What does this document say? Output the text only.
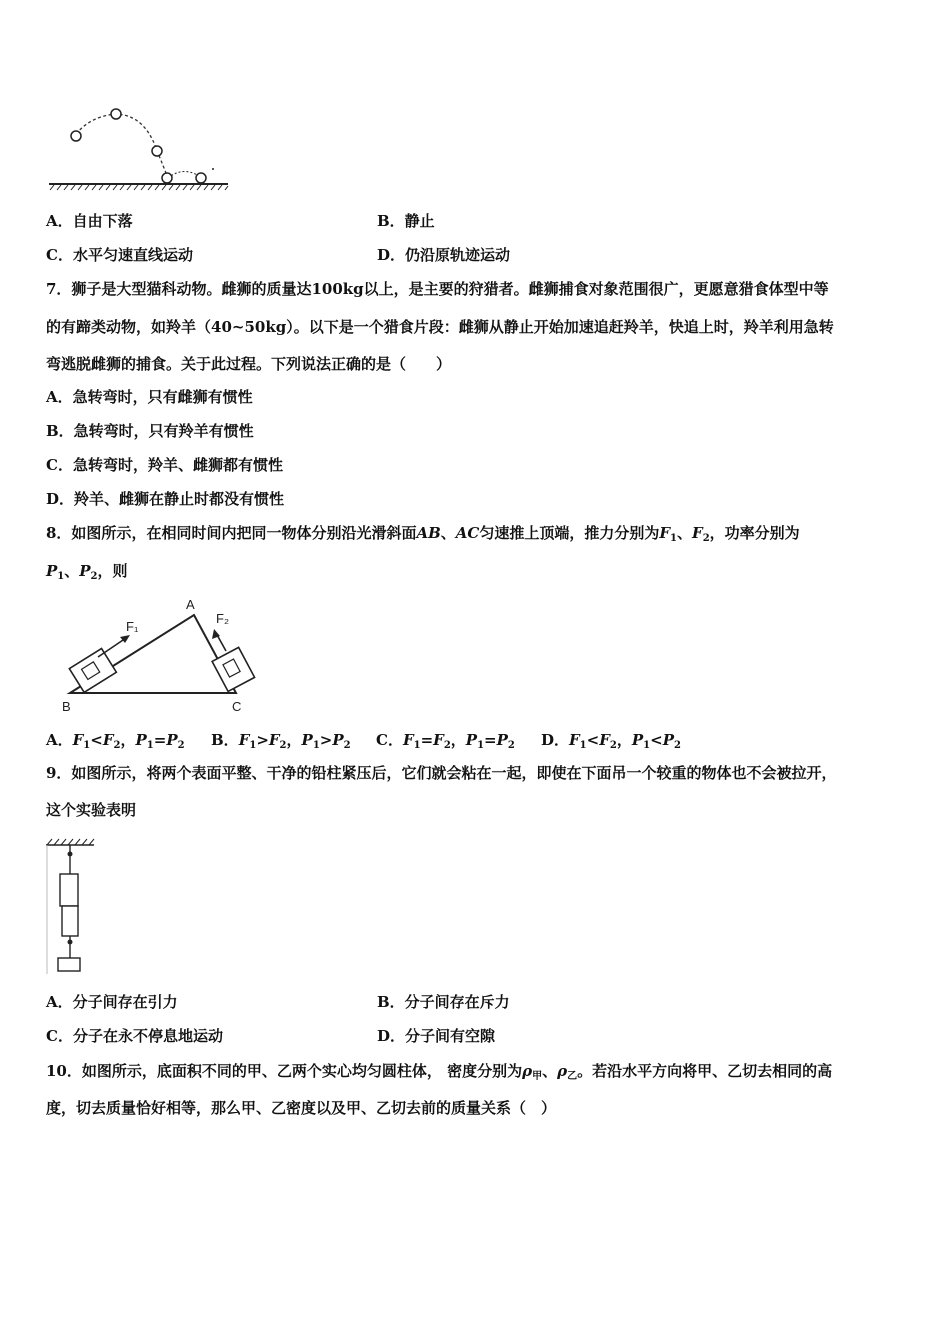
A．自由下落	B．静止
C．水平匀速直线运动	D．仍沿原轨迹运动
7．狮子是大型猫科动物。雌狮的质量达100kg以上，是主要的狩猎者。雌狮捕食对象范围很广，更愿意猎食体型中等
的有蹄类动物，如羚羊（40~50kg）。以下是一个猎食片段：雌狮从静止开始加速追赶羚羊，快追上时，羚羊利用急转
弯逃脱雌狮的捕食。关于此过程。下列说法正确的是（　　）
A．急转弯时，只有雌狮有惯性
B．急转弯时，只有羚羊有惯性
C．急转弯时，羚羊、雌狮都有惯性
D．羚羊、雌狮在静止时都没有惯性
8．如图所示，在相同时间内把同一物体分别沿光滑斜面AB、AC匀速推上顶端，推力分别为$F_1$、$F_2$，功率分别为
$P_1$、$P_2$，则
F₁
F₂
A
B	C
A．$F_1<F_2$，$P_1=P_2$ B．$F_1>F_2$，$P_1>P_2$ C．$F_1=F_2$，$P_1=P_2$ D．$F_1<F_2$，$P_1<P_2$
9．如图所示，将两个表面平整、干净的铅柱紧压后，它们就会粘在一起，即使在下面吊一个较重的物体也不会被拉开，
这个实验表明
A．分子间存在引力	B．分子间存在斥力
C．分子在永不停息地运动	D．分子间有空隙
10．如图所示，底面积不同的甲、乙两个实心均匀圆柱体， 密度分别为$\rho_甲$、$\rho_乙$。若沿水平方向将甲、乙切去相同的高
度，切去质量恰好相等，那么甲、乙密度以及甲、乙切去前的质量关系（　）
